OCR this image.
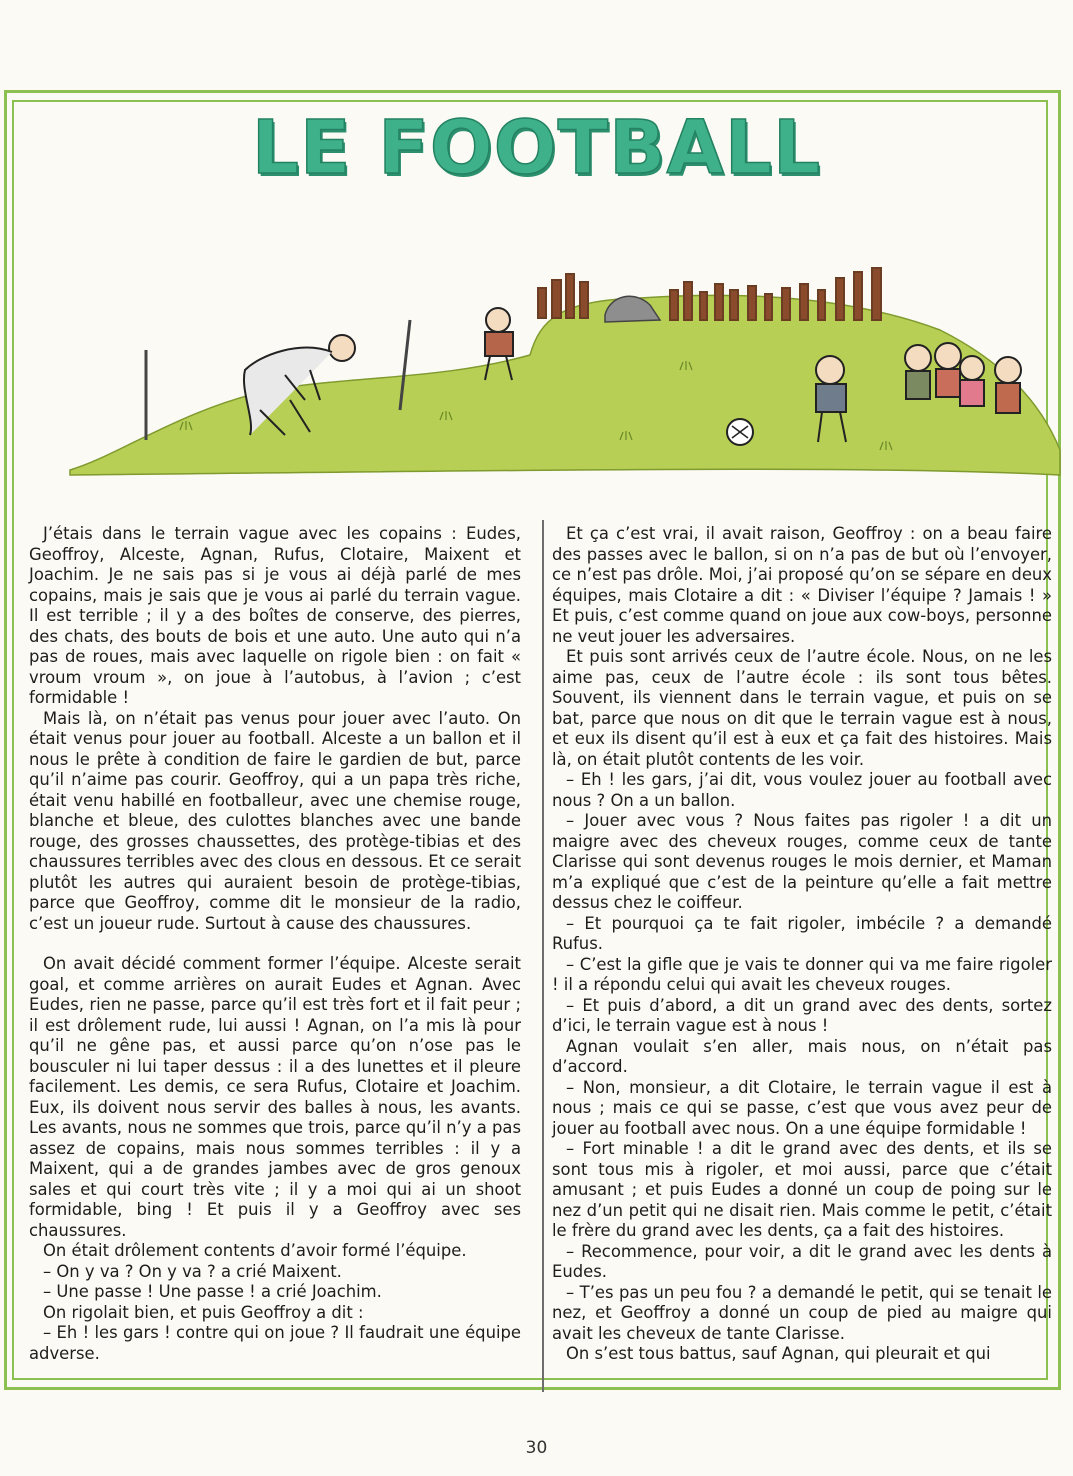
LE FOOTBALL

J’étais dans le terrain vague avec les copains : Eudes, Geoffroy, Alceste, Agnan, Rufus, Clotaire, Maixent et Joachim. Je ne sais pas si je vous ai déjà parlé de mes copains, mais je sais que je vous ai parlé du terrain vague. Il est terrible ; il y a des boîtes de conserve, des pierres, des chats, des bouts de bois et une auto. Une auto qui n’a pas de roues, mais avec laquelle on rigole bien : on fait « vroum vroum », on joue à l’autobus, à l’avion ; c’est formidable !

Mais là, on n’était pas venus pour jouer avec l’auto. On était venus pour jouer au football. Alceste a un ballon et il nous le prête à condition de faire le gardien de but, parce qu’il n’aime pas courir. Geoffroy, qui a un papa très riche, était venu habillé en footballeur, avec une chemise rouge, blanche et bleue, des culottes blanches avec une bande rouge, des grosses chaussettes, des protège-tibias et des chaussures terribles avec des clous en dessous. Et ce serait plutôt les autres qui auraient besoin de protège-tibias, parce que Geoffroy, comme dit le monsieur de la radio, c’est un joueur rude. Surtout à cause des chaussures.

On avait décidé comment former l’équipe. Alceste serait goal, et comme arrières on aurait Eudes et Agnan. Avec Eudes, rien ne passe, parce qu’il est très fort et il fait peur ; il est drôlement rude, lui aussi ! Agnan, on l’a mis là pour qu’il ne gêne pas, et aussi parce qu’on n’ose pas le bousculer ni lui taper dessus : il a des lunettes et il pleure facilement. Les demis, ce sera Rufus, Clotaire et Joachim. Eux, ils doivent nous servir des balles à nous, les avants. Les avants, nous ne sommes que trois, parce qu’il n’y a pas assez de copains, mais nous sommes terribles : il y a Maixent, qui a de grandes jambes avec de gros genoux sales et qui court très vite ; il y a moi qui ai un shoot formidable, bing ! Et puis il y a Geoffroy avec ses chaussures.

On était drôlement contents d’avoir formé l’équipe.

– On y va ? On y va ? a crié Maixent.

– Une passe ! Une passe ! a crié Joachim.

On rigolait bien, et puis Geoffroy a dit :

– Eh ! les gars ! contre qui on joue ? Il faudrait une équipe adverse.

Et ça c’est vrai, il avait raison, Geoffroy : on a beau faire des passes avec le ballon, si on n’a pas de but où l’envoyer, ce n’est pas drôle. Moi, j’ai proposé qu’on se sépare en deux équipes, mais Clotaire a dit : « Diviser l’équipe ? Jamais ! » Et puis, c’est comme quand on joue aux cow-boys, personne ne veut jouer les adversaires.

Et puis sont arrivés ceux de l’autre école. Nous, on ne les aime pas, ceux de l’autre école : ils sont tous bêtes. Souvent, ils viennent dans le terrain vague, et puis on se bat, parce que nous on dit que le terrain vague est à nous, et eux ils disent qu’il est à eux et ça fait des histoires. Mais là, on était plutôt contents de les voir.

– Eh ! les gars, j’ai dit, vous voulez jouer au football avec nous ? On a un ballon.

– Jouer avec vous ? Nous faites pas rigoler ! a dit un maigre avec des cheveux rouges, comme ceux de tante Clarisse qui sont devenus rouges le mois dernier, et Maman m’a expliqué que c’est de la peinture qu’elle a fait mettre dessus chez le coiffeur.

– Et pourquoi ça te fait rigoler, imbécile ? a demandé Rufus.

– C’est la gifle que je vais te donner qui va me faire rigoler ! il a répondu celui qui avait les cheveux rouges.

– Et puis d’abord, a dit un grand avec des dents, sortez d’ici, le terrain vague est à nous !

Agnan voulait s’en aller, mais nous, on n’était pas d’accord.

– Non, monsieur, a dit Clotaire, le terrain vague il est à nous ; mais ce qui se passe, c’est que vous avez peur de jouer au football avec nous. On a une équipe formidable !

– Fort minable ! a dit le grand avec des dents, et ils se sont tous mis à rigoler, et moi aussi, parce que c’était amusant ; et puis Eudes a donné un coup de poing sur le nez d’un petit qui ne disait rien. Mais comme le petit, c’était le frère du grand avec les dents, ça a fait des histoires.

– Recommence, pour voir, a dit le grand avec les dents à Eudes.

– T’es pas un peu fou ? a demandé le petit, qui se tenait le nez, et Geoffroy a donné un coup de pied au maigre qui avait les cheveux de tante Clarisse.

On s’est tous battus, sauf Agnan, qui pleurait et qui

30
